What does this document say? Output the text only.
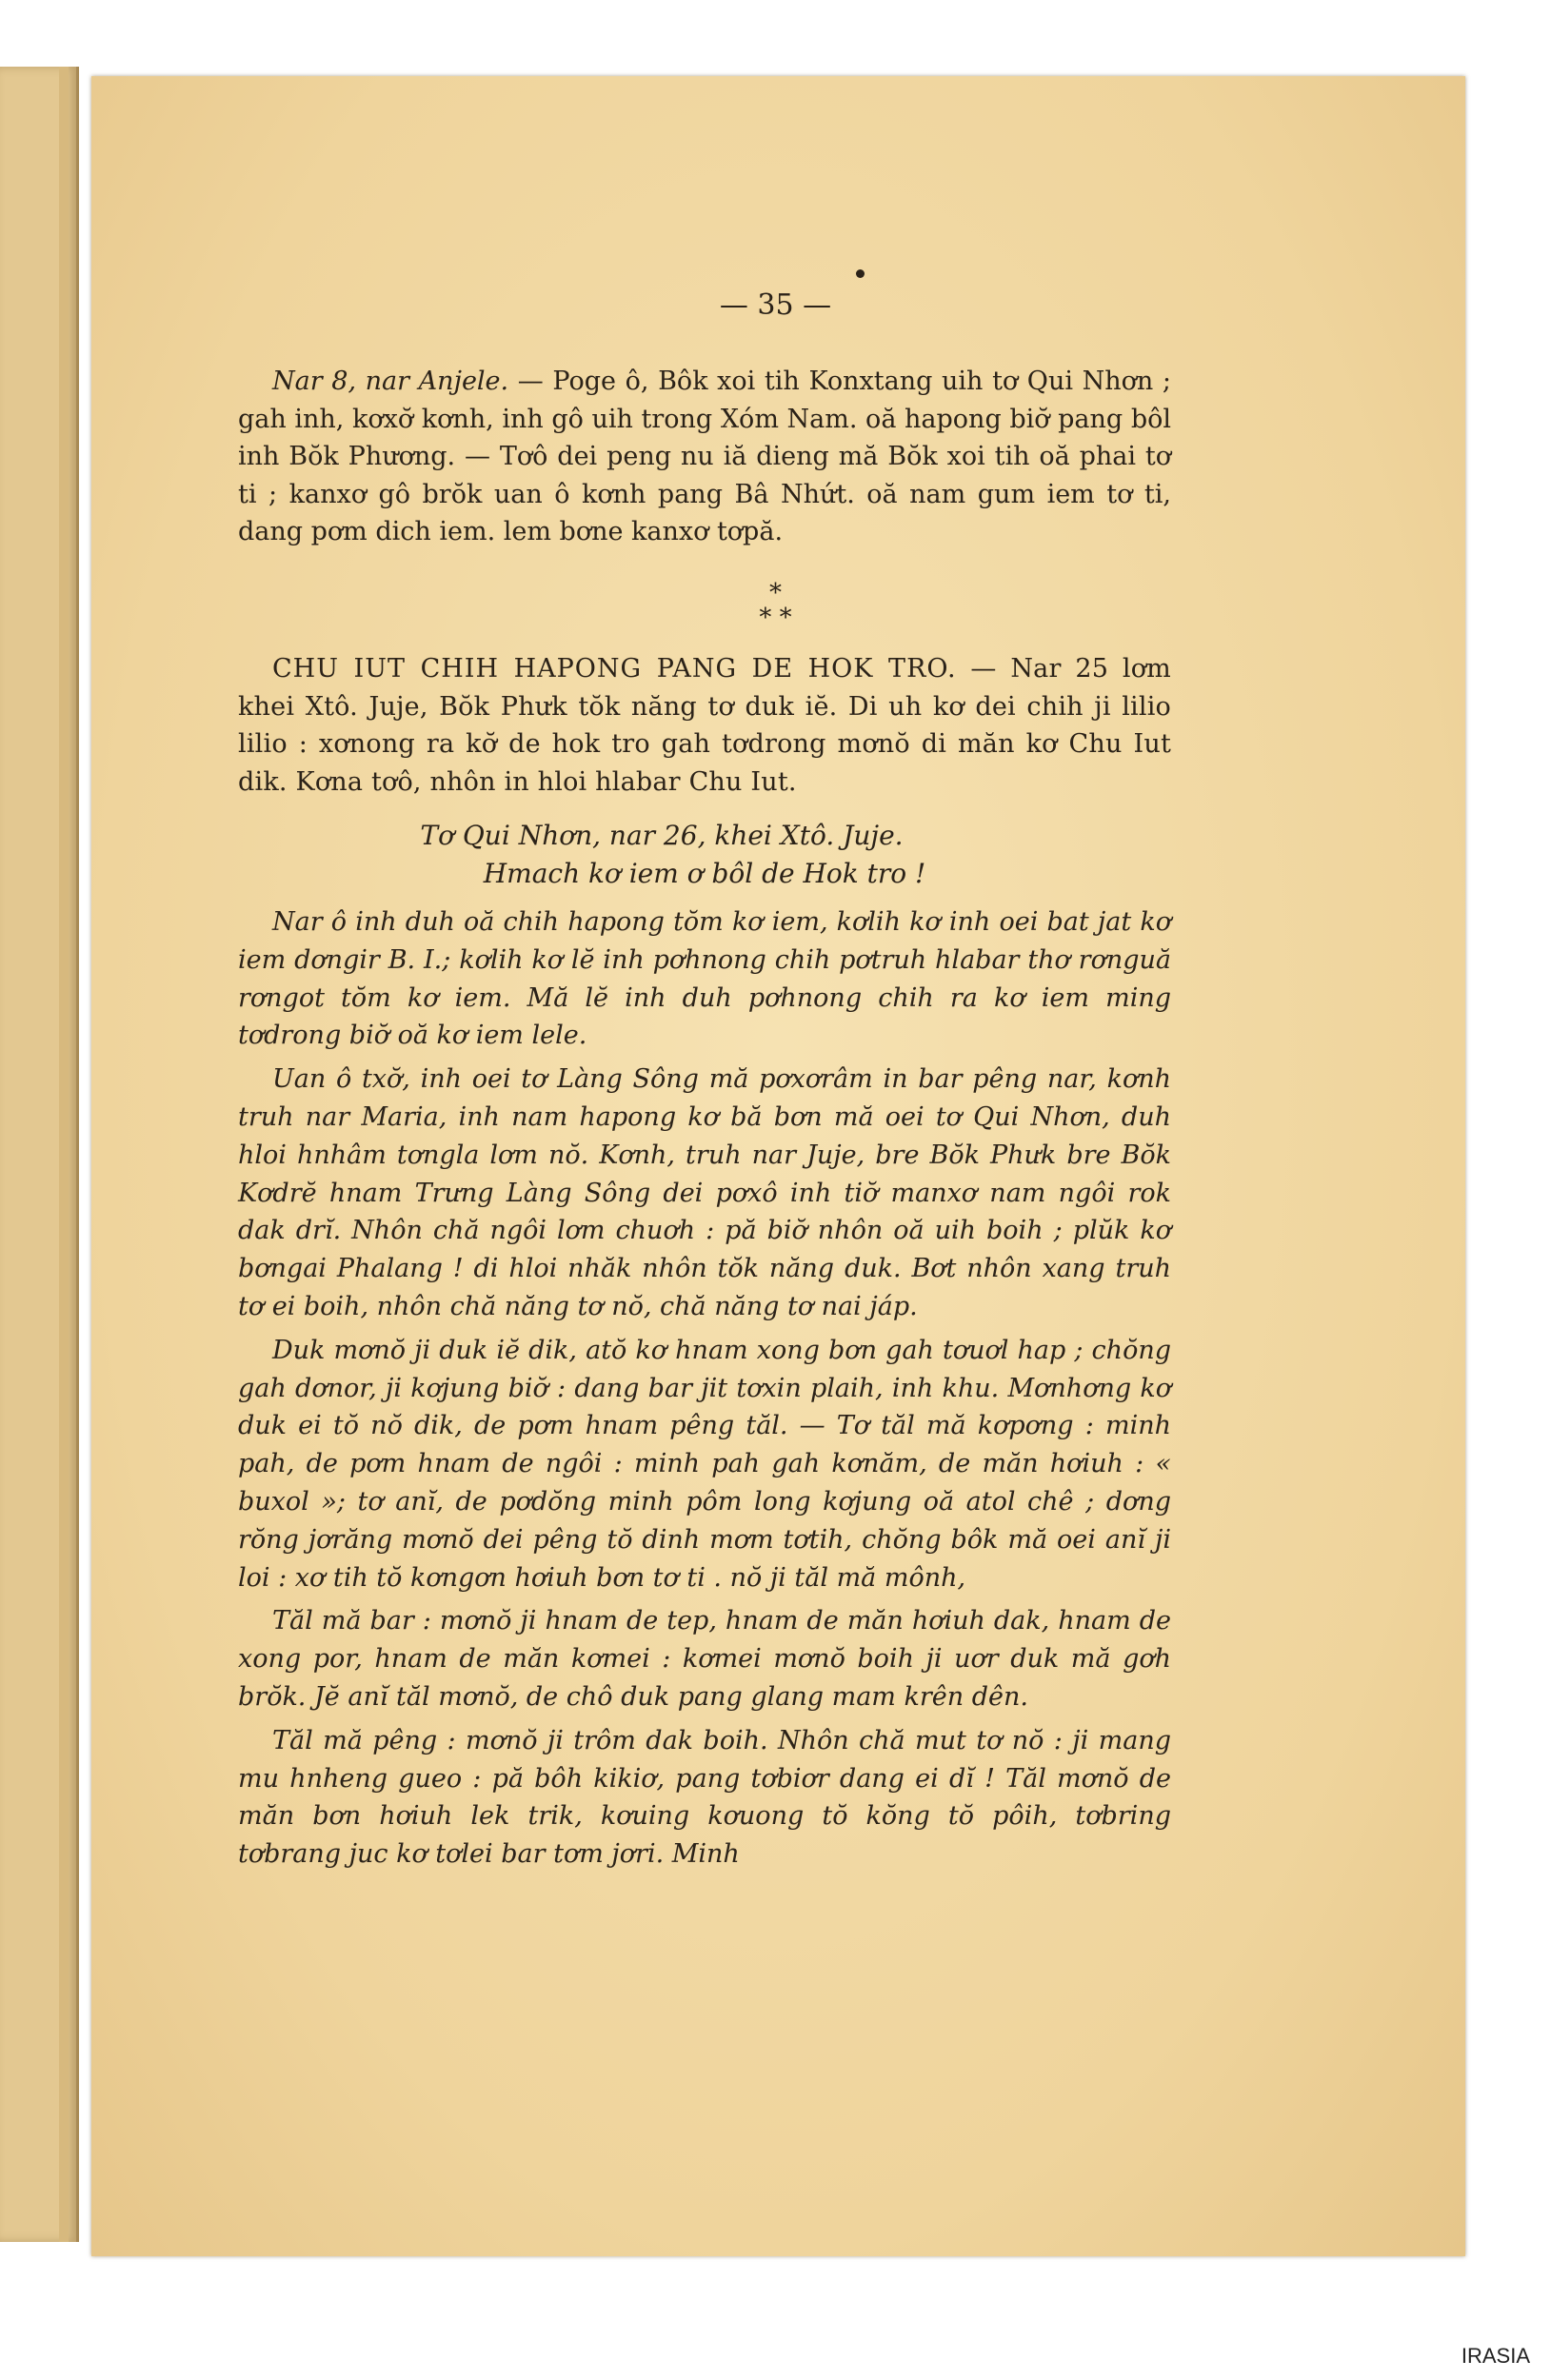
— 35 —

Nar 8, nar Anjele. — Poge ô, Bôk xoi tih Konxtang uih tơ Qui Nhơn ; gah inh, kơxơ̆ kơnh, inh gô uih trong Xóm Nam. oă hapong biơ̆ pang bôl inh Bŏk Phương. — Tơô dei peng nu iă dieng mă Bŏk xoi tih oă phai tơ ti ; kanxơ gô brŏk uan ô kơnh pang Bâ Nhứt. oă nam gum iem tơ ti, dang pơm dich iem. lem bơne kanxơ tơpă.

*
* *

CHU IUT CHIH HAPONG PANG DE HOK TRO. — Nar 25 lơm khei Xtô. Juje, Bŏk Phưk tŏk năng tơ duk iĕ. Di uh kơ dei chih ji lilio lilio : xơnong ra kơ̆ de hok tro gah tơdrong mơnŏ di măn kơ Chu Iut dik. Kơna tơô, nhôn in hloi hlabar Chu Iut.

Tơ Qui Nhơn, nar 26, khei Xtô. Juje.
Hmach kơ iem ơ bôl de Hok tro !

Nar ô inh duh oă chih hapong tŏm kơ iem, kơlih kơ inh oei bat jat kơ iem dơngir B. I.; kơlih kơ lĕ inh pơhnong chih pơtruh hlabar thơ rơnguă rơngot tŏm kơ iem. Mă lĕ inh duh pơhnong chih ra kơ iem ming tơdrong biơ̆ oă kơ iem lele.

Uan ô txơ̆, inh oei tơ Làng Sông mă pơxơrâm in bar pêng nar, kơnh truh nar Maria, inh nam hapong kơ bă bơn mă oei tơ Qui Nhơn, duh hloi hnhâm tơngla lơm nŏ. Kơnh, truh nar Juje, bre Bŏk Phưk bre Bŏk Kơdrĕ hnam Trưng Làng Sông dei pơxô inh tiơ̆ manxơ nam ngôi rok dak drĭ. Nhôn chă ngôi lơm chuơh : pă biơ̆ nhôn oă uih boih ; plŭk kơ bơngai Phalang ! di hloi nhăk nhôn tŏk năng duk. Bơt nhôn xang truh tơ ei boih, nhôn chă năng tơ nŏ, chă năng tơ nai jáp.

Duk mơnŏ ji duk iĕ dik, atŏ kơ hnam xong bơn gah tơuơl hap ; chŏng gah dơnor, ji kơjung biơ̆ : dang bar jit tơxin plaih, inh khu. Mơnhơng kơ duk ei tŏ nŏ dik, de pơm hnam pêng tăl. — Tơ tăl mă kơpơng : minh pah, de pơm hnam de ngôi : minh pah gah kơnăm, de măn hơiuh : « buxol »; tơ anĭ, de pơdŏng minh pôm long kơjung oă atol chê ; dơng rŏng jơrăng mơnŏ dei pêng tŏ dinh mơm tơtih, chŏng bôk mă oei anĭ ji loi : xơ tih tŏ kơngơn hơiuh bơn tơ ti . nŏ ji tăl mă mônh,

Tăl mă bar : mơnŏ ji hnam de tep, hnam de măn hơiuh dak, hnam de xong por, hnam de măn kơmei : kơmei mơnŏ boih ji uơr duk mă gơh brŏk. Jĕ anĭ tăl mơnŏ, de chô duk pang glang mam krên dên.

Tăl mă pêng : mơnŏ ji trôm dak boih. Nhôn chă mut tơ nŏ : ji mang mu hnheng gueo : pă bôh kikiơ, pang tơbiơr dang ei dĭ ! Tăl mơnŏ de măn bơn hơiuh lek trik, kơuing kơuong tŏ kŏng tŏ pôih, tơbring tơbrang juc kơ tơlei bar tơm jơri. Minh

IRASIA
